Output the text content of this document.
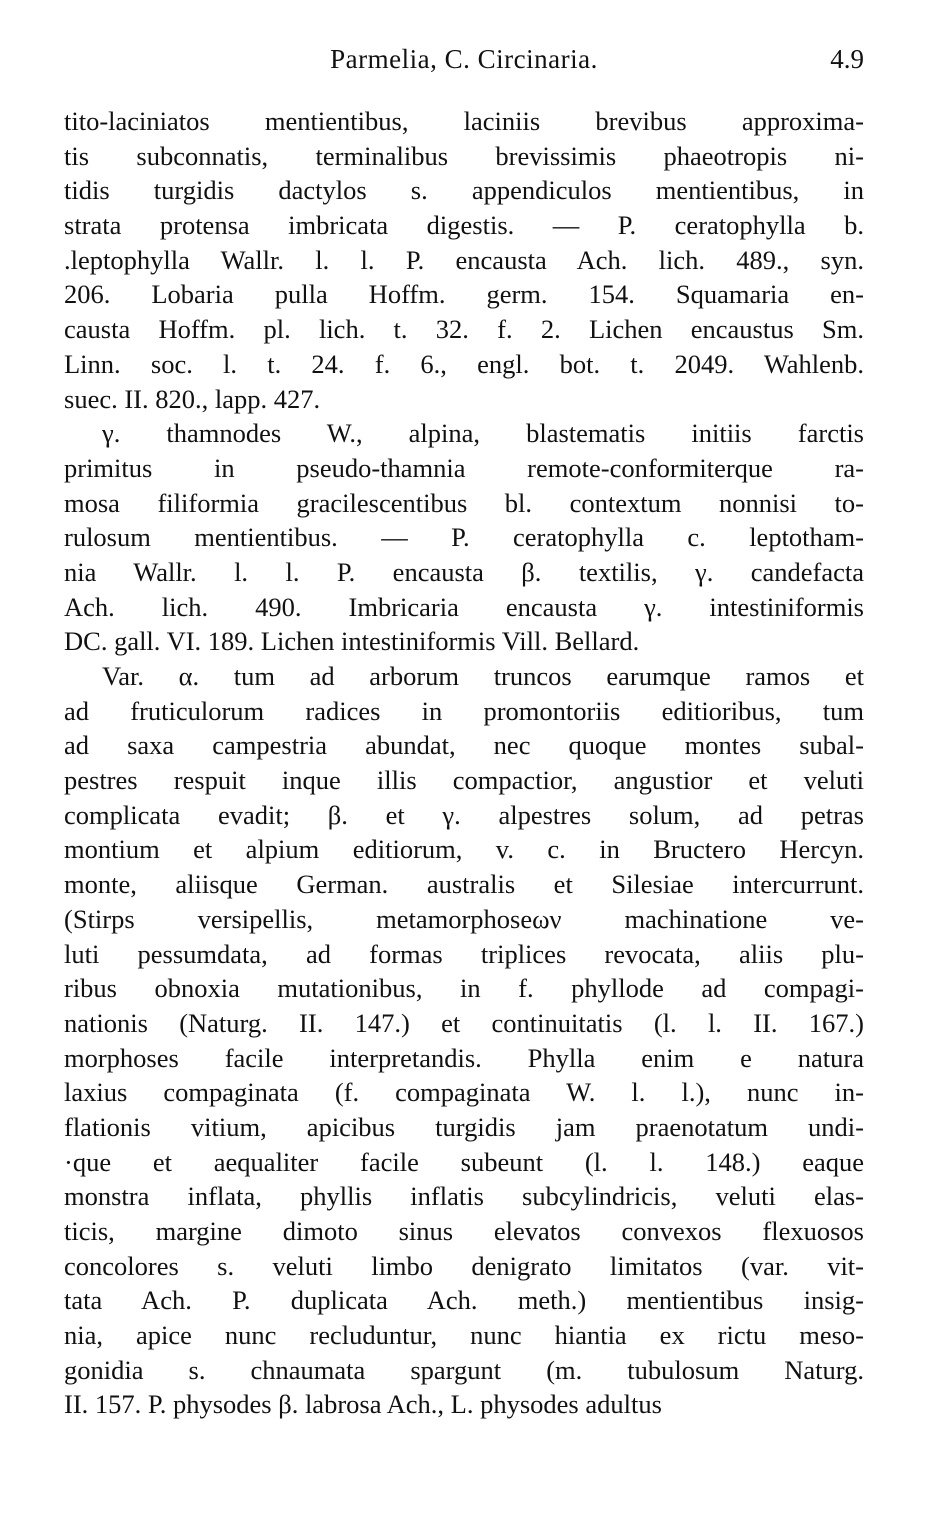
Parmelia, C. Circinaria.	4.9
tito-laciniatos mentientibus, laciniis brevibus approxima-
tis subconnatis, terminalibus brevissimis phaeotropis ni-
tidis turgidis dactylos s. appendiculos mentientibus, in
strata protensa imbricata digestis. — P. ceratophylla b.
.leptophylla Wallr. l. l. P. encausta Ach. lich. 489., syn.
206. Lobaria pulla Hoffm. germ. 154. Squamaria en-
causta Hoffm. pl. lich. t. 32. f. 2. Lichen encaustus Sm.
Linn. soc. l. t. 24. f. 6., engl. bot. t. 2049. Wahlenb.
suec. II. 820., lapp. 427.
γ. thamnodes W., alpina, blastematis initiis farctis
primitus in pseudo-thamnia remote-conformiterque ra-
mosa filiformia gracilescentibus bl. contextum nonnisi to-
rulosum mentientibus. — P. ceratophylla c. leptotham-
nia Wallr. l. l. P. encausta β. textilis, γ. candefacta
Ach. lich. 490. Imbricaria encausta γ. intestiniformis
DC. gall. VI. 189. Lichen intestiniformis Vill. Bellard.
Var. α. tum ad arborum truncos earumque ramos et
ad fruticulorum radices in promontoriis editioribus, tum
ad saxa campestria abundat, nec quoque montes subal-
pestres respuit inque illis compactior, angustior et veluti
complicata evadit; β. et γ. alpestres solum, ad petras
montium et alpium editiorum, v. c. in Bructero Hercyn.
monte, aliisque German. australis et Silesiae intercurrunt.
(Stirps versipellis, metamorphoseων machinatione ve-
luti pessumdata, ad formas triplices revocata, aliis plu-
ribus obnoxia mutationibus, in f. phyllode ad compagi-
nationis (Naturg. II. 147.) et continuitatis (l. l. II. 167.)
morphoses facile interpretandis. Phylla enim e natura
laxius compaginata (f. compaginata W. l. l.), nunc in-
flationis vitium, apicibus turgidis jam praenotatum undi-
·que et aequaliter facile subeunt (l. l. 148.) eaque
monstra inflata, phyllis inflatis subcylindricis, veluti elas-
ticis, margine dimoto sinus elevatos convexos flexuosos
concolores s. veluti limbo denigrato limitatos (var. vit-
tata Ach. P. duplicata Ach. meth.) mentientibus insig-
nia, apice nunc recluduntur, nunc hiantia ex rictu meso-
gonidia s. chnaumata spargunt (m. tubulosum Naturg.
II. 157. P. physodes β. labrosa Ach., L. physodes adultus
